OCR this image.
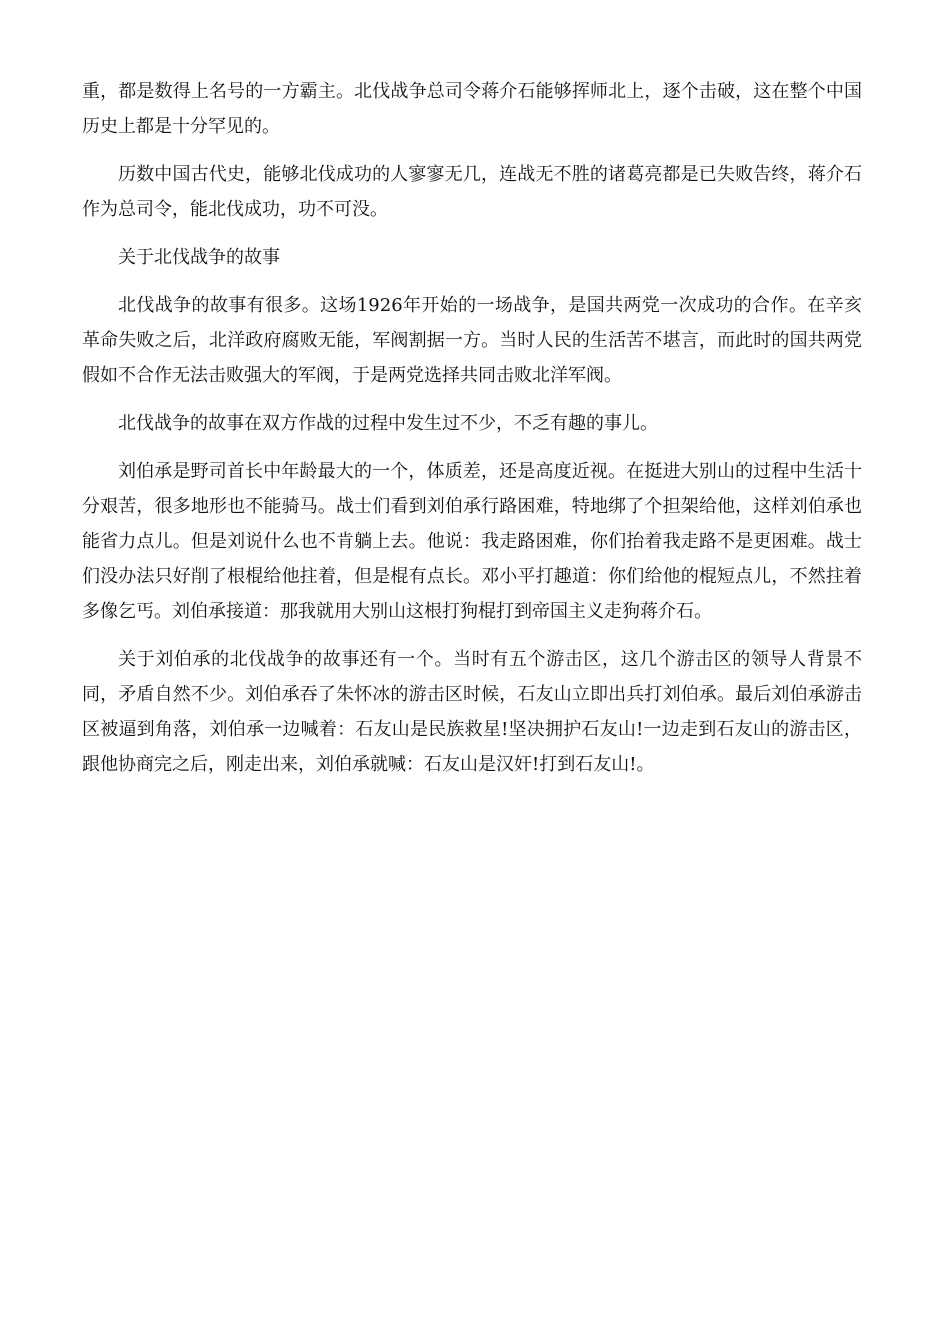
重，都是数得上名号的一方霸主。北伐战争总司令蒋介石能够挥师北上，逐个击破，这在整个中国历史上都是十分罕见的。

历数中国古代史，能够北伐成功的人寥寥无几，连战无不胜的诸葛亮都是已失败告终，蒋介石作为总司令，能北伐成功，功不可没。

关于北伐战争的故事

北伐战争的故事有很多。这场1926年开始的一场战争，是国共两党一次成功的合作。在辛亥革命失败之后，北洋政府腐败无能，军阀割据一方。当时人民的生活苦不堪言，而此时的国共两党假如不合作无法击败强大的军阀，于是两党选择共同击败北洋军阀。

北伐战争的故事在双方作战的过程中发生过不少，不乏有趣的事儿。

刘伯承是野司首长中年龄最大的一个，体质差，还是高度近视。在挺进大别山的过程中生活十分艰苦，很多地形也不能骑马。战士们看到刘伯承行路困难，特地绑了个担架给他，这样刘伯承也能省力点儿。但是刘说什么也不肯躺上去。他说：我走路困难，你们抬着我走路不是更困难。战士们没办法只好削了根棍给他拄着，但是棍有点长。邓小平打趣道：你们给他的棍短点儿，不然拄着多像乞丐。刘伯承接道：那我就用大别山这根打狗棍打到帝国主义走狗蒋介石。

关于刘伯承的北伐战争的故事还有一个。当时有五个游击区，这几个游击区的领导人背景不同，矛盾自然不少。刘伯承吞了朱怀冰的游击区时候，石友山立即出兵打刘伯承。最后刘伯承游击区被逼到角落，刘伯承一边喊着：石友山是民族救星!坚决拥护石友山!一边走到石友山的游击区，跟他协商完之后，刚走出来，刘伯承就喊：石友山是汉奸!打到石友山!。
